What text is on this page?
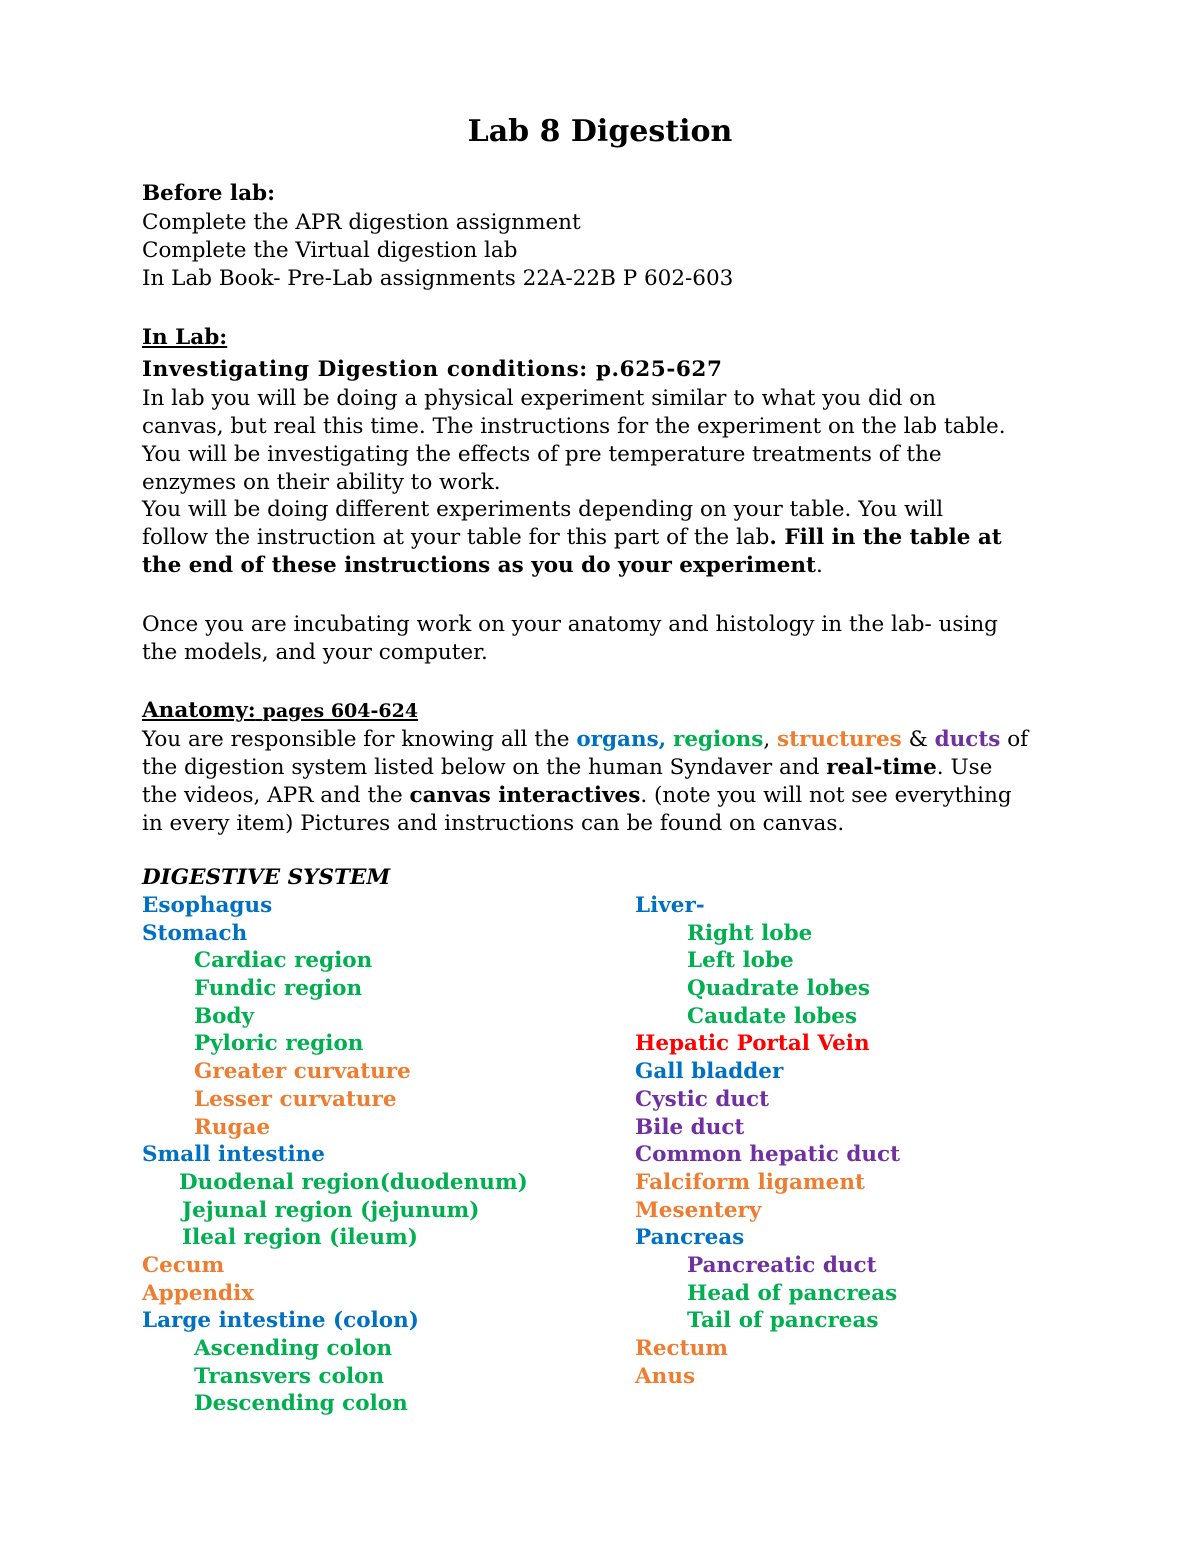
Lab 8 Digestion
Before lab:
Complete the APR digestion assignment
Complete the Virtual digestion lab
In Lab Book- Pre-Lab assignments 22A-22B P 602-603
In Lab:
Investigating Digestion conditions: p.625-627
In lab you will be doing a physical experiment similar to what you did on
canvas, but real this time. The instructions for the experiment on the lab table.
You will be investigating the effects of pre temperature treatments of the
enzymes on their ability to work.
You will be doing different experiments depending on your table. You will
follow the instruction at your table for this part of the lab. Fill in the table at
the end of these instructions as you do your experiment.
Once you are incubating work on your anatomy and histology in the lab- using
the models, and your computer.
Anatomy: pages 604-624
You are responsible for knowing all the organs, regions, structures & ducts of
the digestion system listed below on the human Syndaver and real-time. Use
the videos, APR and the canvas interactives. (note you will not see everything
in every item) Pictures and instructions can be found on canvas.
DIGESTIVE SYSTEM
Esophagus
Stomach
Cardiac region
Fundic region
Body
Pyloric region
Greater curvature
Lesser curvature
Rugae
Small intestine
Duodenal region(duodenum)
Jejunal region (jejunum)
Ileal region (ileum)
Cecum
Appendix
Large intestine (colon)
Ascending colon
Transvers colon
Descending colon
Liver-
Right lobe
Left lobe
Quadrate lobes
Caudate lobes
Hepatic Portal Vein
Gall bladder
Cystic duct
Bile duct
Common hepatic duct
Falciform ligament
Mesentery
Pancreas
Pancreatic duct
Head of pancreas
Tail of pancreas
Rectum
Anus
